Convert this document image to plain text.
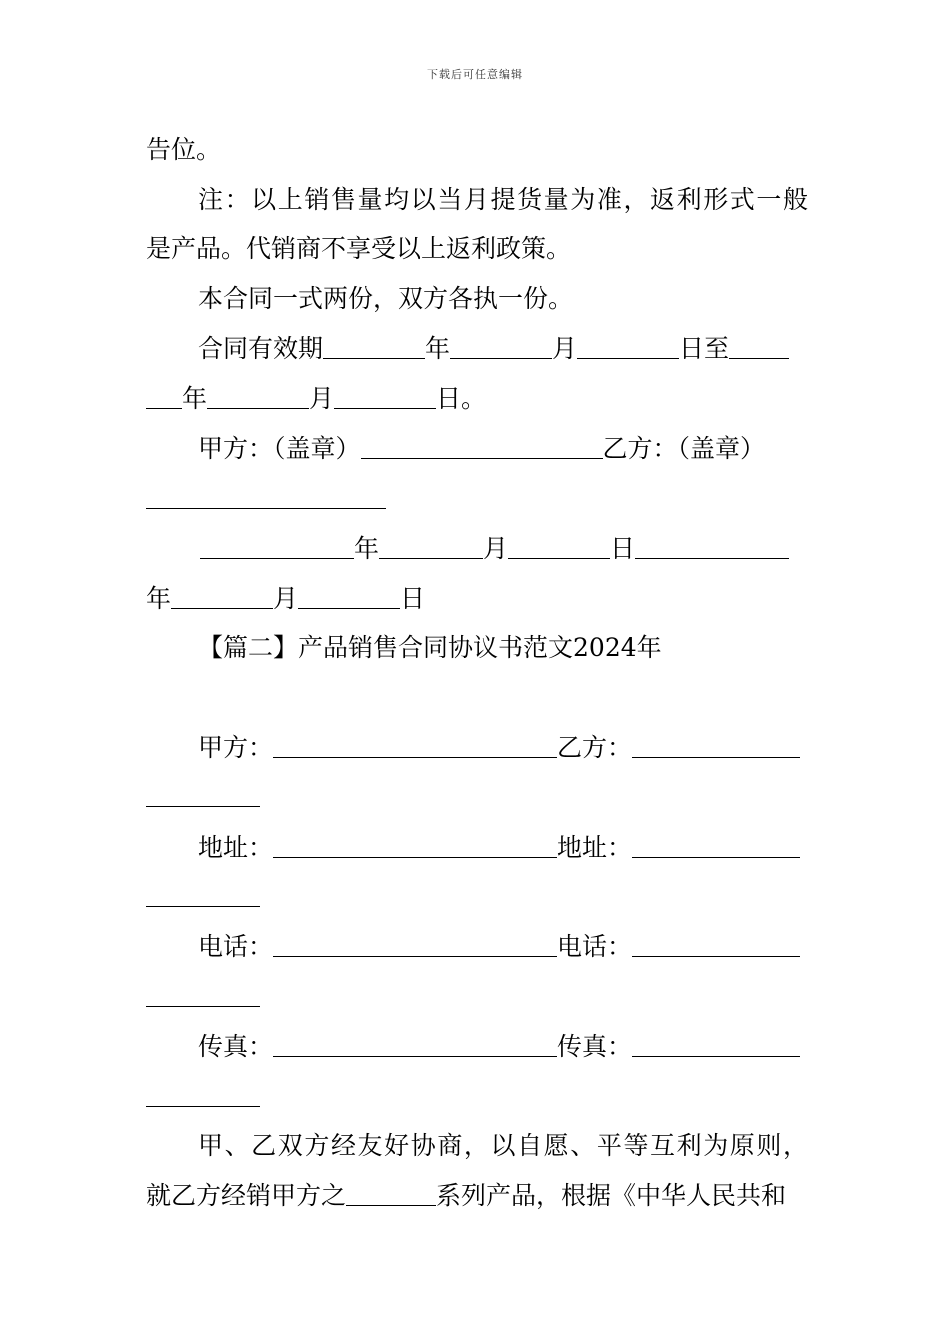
下载后可任意编辑
告位。
注：以上销售量均以当月提货量为准，返利形式一般
是产品。代销商不享受以上返利政策。
本合同一式两份，双方各执一份。
合同有效期	年	月	日至
年	月	日。
甲方：（盖章）	乙方：（盖章）
年	月	日
年	月	日
【篇二】产品销售合同协议书范文2024年
甲方：	乙方：
地址：	地址：
电话：	电话：
传真：	传真：
甲、乙双方经友好协商，以自愿、平等互利为原则，
就乙方经销甲方之	系列产品，根据《中华人民共和
